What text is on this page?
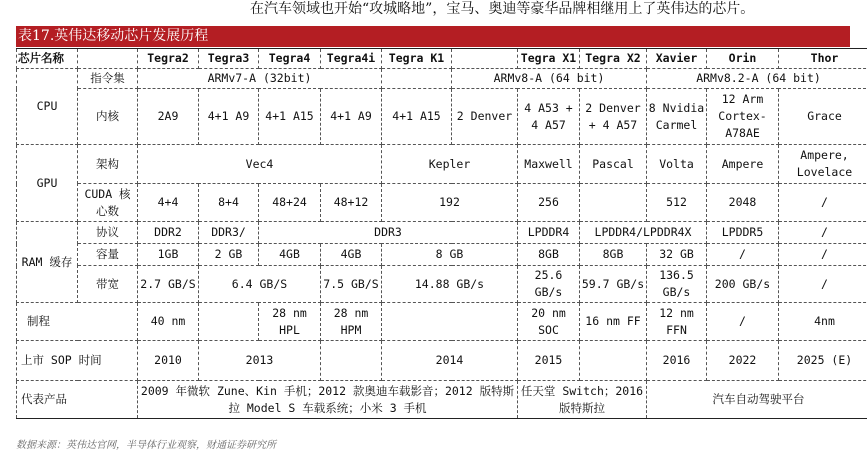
在汽车领域也开始“攻城略地”，宝马、奥迪等豪华品牌相继用上了英伟达的芯片。
表17.英伟达移动芯片发展历程
芯片名称		Tegra2	Tegra3	Tegra4	Tegra4i	Tegra K1		Tegra X1	Tegra X2	Xavier	Orin	Thor
CPU	指令集	ARMv7-A (32bit)					ARMv8-A (64 bit)			ARMv8.2-A (64 bit)		
	内核	2A9	4+1 A9	4+1 A15	4+1 A9	4+1 A15	2 Denver	4 A53 + 4 A57	2 Denver + 4 A57	8 Nvidia Carmel	12 Arm Cortex-A78AE	Grace
GPU	架构	Vec4				Kepler		Maxwell	Pascal	Volta	Ampere	Ampere, Lovelace
	CUDA 核心数	4+4	8+4	48+24	48+12	192		256		512	2048	/
RAM 缓存	协议	DDR2	DDR3/	DDR3				LPDDR4	LPDDR4/LPDDR4X		LPDDR5	/
	容量	1GB	2 GB	4GB	4GB	8 GB		8GB	8GB	32 GB	/	/
	带宽	2.7 GB/S	6.4 GB/S		7.5 GB/S	14.88 GB/s		25.6 GB/s	59.7 GB/s	136.5 GB/s	200 GB/s	/
制程		40 nm		28 nm HPL	28 nm HPM			20 nm SOC	16 nm FF	12 nm FFN	/	4nm
上市 SOP 时间		2010	2013			2014		2015		2016	2022	2025 (E)
代表产品		2009 年微软 Zune、Kin 手机；2012 款奥迪车载影音；2012 版特斯拉 Model S 车载系统；小米 3 手机						任天堂 Switch；2016 版特斯拉		汽车自动驾驶平台		
数据来源：英伟达官网，半导体行业观察，财通证券研究所
